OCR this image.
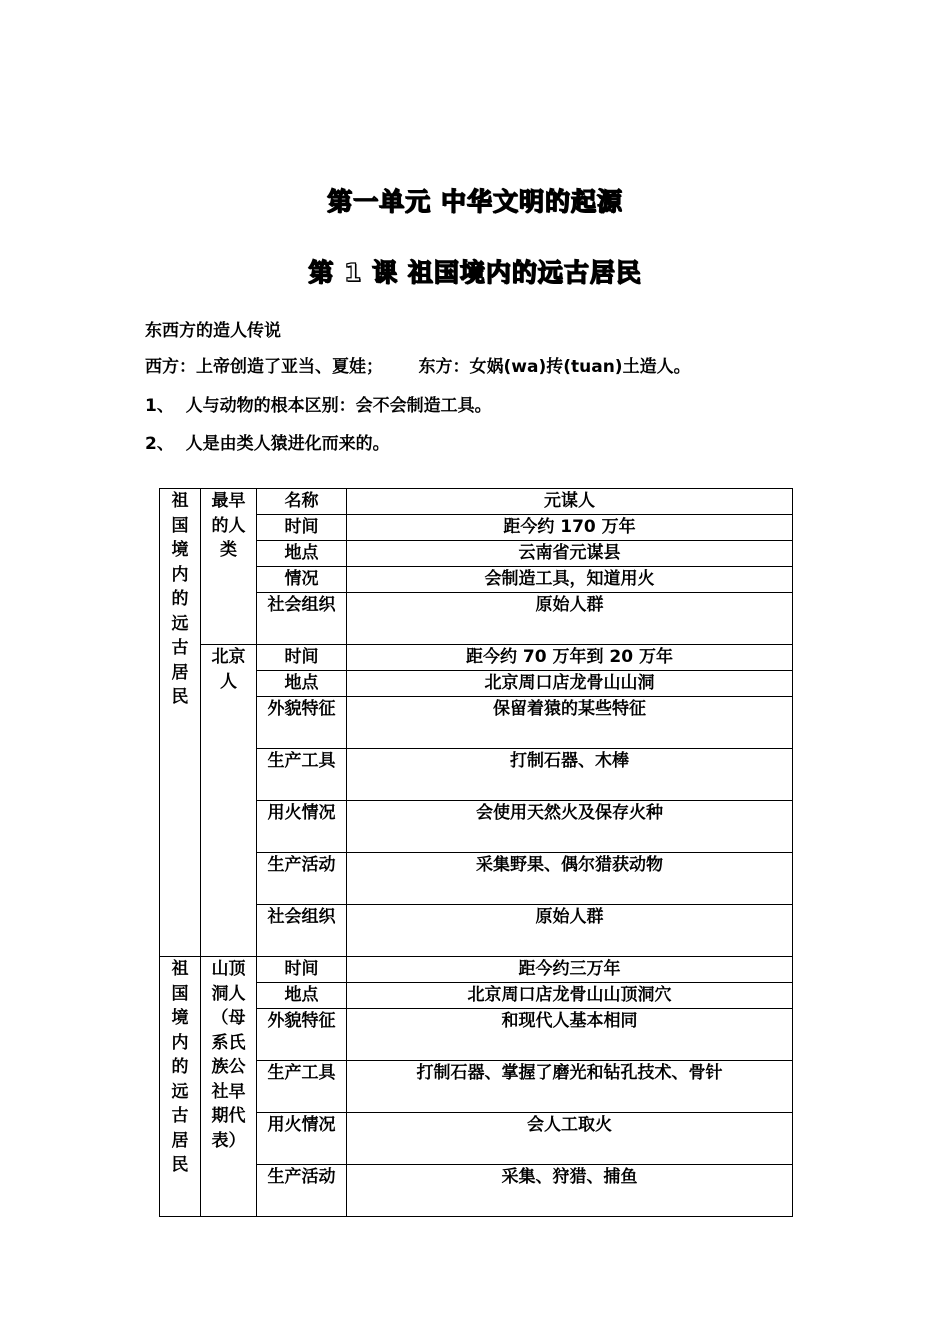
第一单元 中华文明的起源
第 1 课 祖国境内的远古居民
东西方的造人传说
西方：上帝创造了亚当、夏娃；      东方：女娲(wa)抟(tuan)土造人。
1、  人与动物的根本区别：会不会制造工具。
2、  人是由类人猿进化而来的。
祖国境内的远古居民	最早的人类	名称	元谋人
		时间	距今约 170 万年
		地点	云南省元谋县
		情况	会制造工具，知道用火
		社会组织	原始人群
	北京人	时间	距今约 70 万年到 20 万年
		地点	北京周口店龙骨山山洞
		外貌特征	保留着猿的某些特征
		生产工具	打制石器、木棒
		用火情况	会使用天然火及保存火种
		生产活动	采集野果、偶尔猎获动物
		社会组织	原始人群
祖国境内的远古居民	山顶洞人（母系氏族公社早期代表）	时间	距今约三万年
		地点	北京周口店龙骨山山顶洞穴
		外貌特征	和现代人基本相同
		生产工具	打制石器、掌握了磨光和钻孔技术、骨针
		用火情况	会人工取火
		生产活动	采集、狩猎、捕鱼
